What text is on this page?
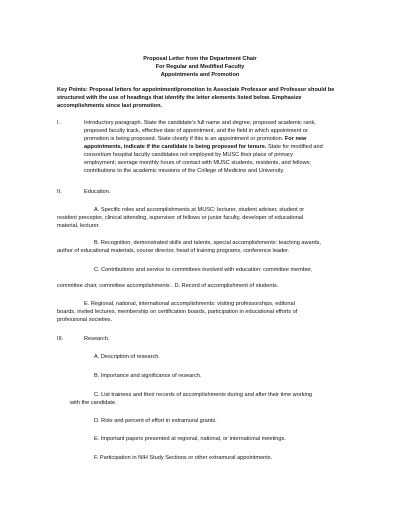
Proposal Letter from the Department Chair
For Regular and Modified Faculty
Appointments and Promotion
Key Points: Proposal letters for appointment/promotion to Associate Professor and Professor should be
structured with the use of headings that identify the letter elements listed below. Emphasize
accomplishments since last promotion.
I.	Introductory paragraph. State the candidate's full name and degree, proposed academic rank,
proposed faculty track, effective date of appointment, and the field in which appointment or
promotion is being proposed. State clearly if this is an appointment or promotion. For new
appointments, indicate if the candidate is being proposed for tenure. State for modified and
consortium hospital faculty candidates not employed by MUSC their place of primary
employment; average monthly hours of contact with MUSC students, residents, and fellows;
contributions to the academic missions of the College of Medicine and University.
II.	Education.
A. Specific roles and accomplishments at MUSC: lecturer, student adviser, student or
resident preceptor, clinical attending, supervisor of fellows or junior faculty, developer of educational
material, lecturer.
B. Recognition, demonstrated skills and talents, special accomplishments: teaching awards,
author of educational materials, course director, head of training programs, conference leader.
C. Contributions and service to committees involved with education: committee member,
committee chair, committee accomplishments . D. Record of accomplishment of students.
E. Regional, national, international accomplishments: visiting professorships, editorial
boards, invited lectures, membership on certification boards, participation in educational efforts of
professional societies.
III.	Research.
A. Description of research.
B. Importance and significance of research.
C. List trainees and their records of accomplishments during and after their time working
with the candidate.
D. Role and percent of effort in extramural grants.
E. Important papers presented at regional, national, or international meetings.
F. Participation in NIH Study Sections or other extramural appointments.
